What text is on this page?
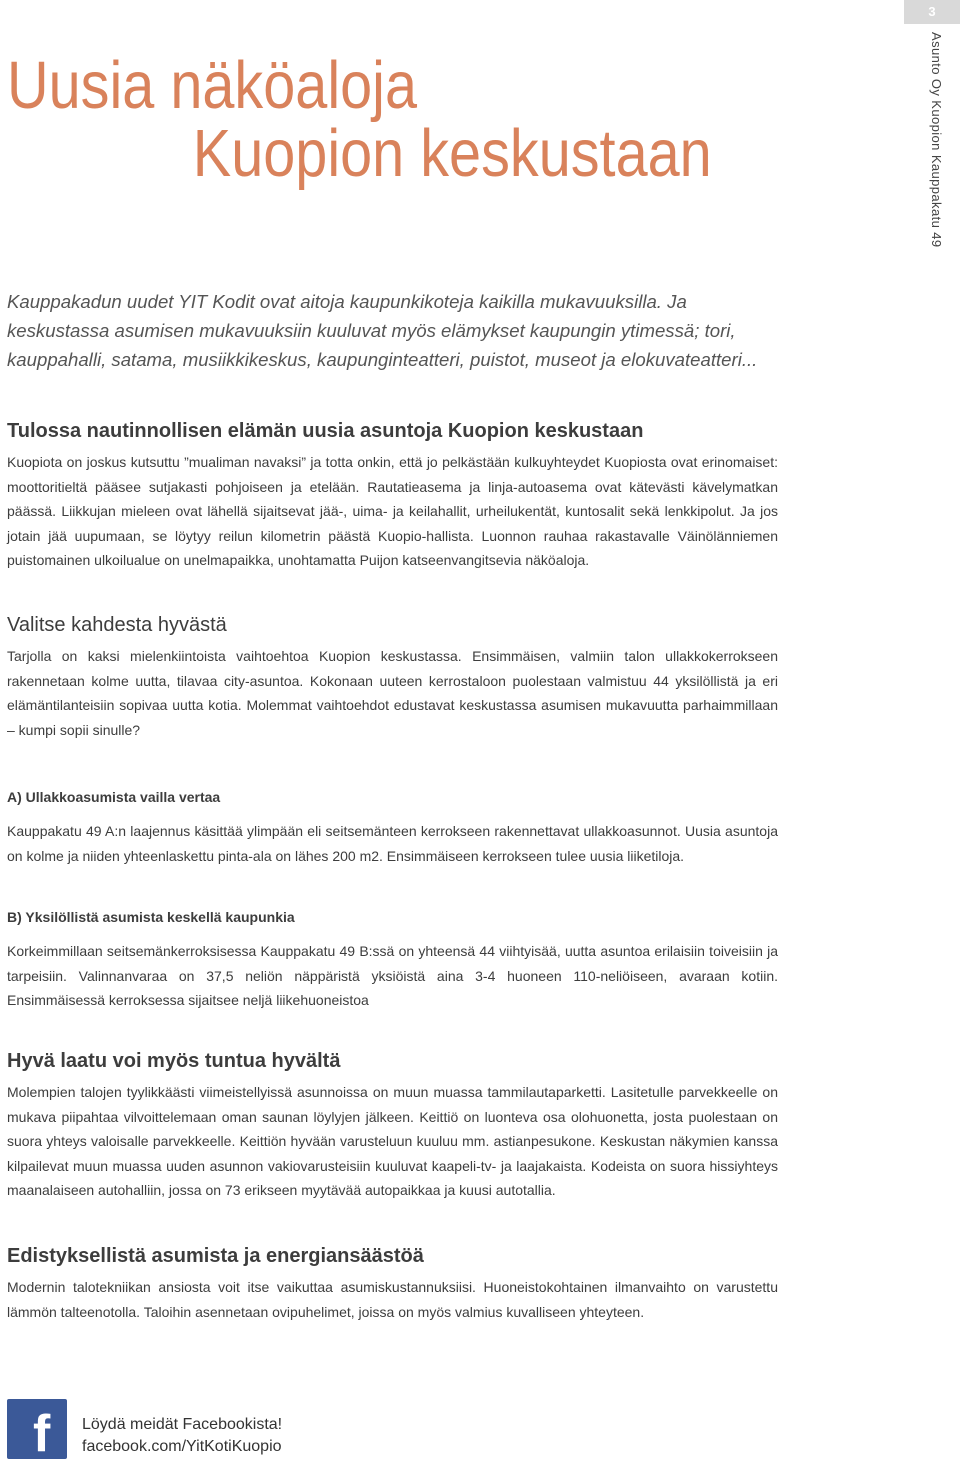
3
Asunto Oy Kuopion Kauppakatu 49
Uusia näköaloja
Kuopion keskustaan

Kauppakadun uudet YIT Kodit ovat aitoja kaupunkikoteja kaikilla mukavuuksilla. Ja keskustassa asumisen mukavuuksiin kuuluvat myös elämykset kaupungin ytimessä; tori, kauppahalli, satama, musiikkikeskus, kaupunginteatteri, puistot, museot ja elokuvateatteri...

Tulossa nautinnollisen elämän uusia asuntoja Kuopion keskustaan

Kuopiota on joskus kutsuttu ”mualiman navaksi” ja totta onkin, että jo pelkästään kulkuyhteydet Kuopiosta ovat erinomaiset: moottoritieltä pääsee sutjakasti pohjoiseen ja etelään. Rautatieasema ja linja-autoasema ovat kätevästi kävelymatkan päässä. Liikkujan mieleen ovat lähellä sijaitsevat jää-, uima- ja keilahallit, urheilukentät, kuntosalit sekä lenkkipolut. Ja jos jotain jää uupumaan, se löytyy reilun kilometrin päästä Kuopio-hallista. Luonnon rauhaa rakastavalle Väinölänniemen puistomainen ulkoilualue on unelmapaikka, unohtamatta Puijon katseenvangitsevia näköaloja.

Valitse kahdesta hyvästä

Tarjolla on kaksi mielenkiintoista vaihtoehtoa Kuopion keskustassa. Ensimmäisen, valmiin talon ullakkokerrokseen rakennetaan kolme uutta, tilavaa city-asuntoa. Kokonaan uuteen kerrostaloon puolestaan valmistuu 44 yksilöllistä ja eri elämäntilanteisiin sopivaa uutta kotia. Molemmat vaihtoehdot edustavat keskustassa asumisen mukavuutta parhaimmillaan – kumpi sopii sinulle?

A) Ullakkoasumista vailla vertaa

Kauppakatu 49 A:n laajennus käsittää ylimpään eli seitsemänteen kerrokseen rakennettavat ullakkoasunnot. Uusia asuntoja on kolme ja niiden yhteenlaskettu pinta-ala on lähes 200 m2. Ensimmäiseen kerrokseen tulee uusia liiketiloja.

B) Yksilöllistä asumista keskellä kaupunkia

Korkeimmillaan seitsemänkerroksisessa Kauppakatu 49 B:ssä on yhteensä 44 viihtyisää, uutta asuntoa erilaisiin toiveisiin ja tarpeisiin. Valinnanvaraa on 37,5 neliön näppäristä yksiöistä aina 3-4 huoneen 110-neliöiseen, avaraan kotiin. Ensimmäisessä kerroksessa sijaitsee neljä liikehuoneistoa

Hyvä laatu voi myös tuntua hyvältä

Molempien talojen tyylikkäästi viimeistellyissä asunnoissa on muun muassa tammilautaparketti. Lasitetulle parvekkeelle on mukava piipahtaa vilvoittelemaan oman saunan löylyjen jälkeen. Keittiö on luonteva osa olohuonetta, josta puolestaan on suora yhteys valoisalle parvekkeelle. Keittiön hyvään varusteluun kuuluu mm. astianpesukone. Keskustan näkymien kanssa kilpailevat muun muassa uuden asunnon vakiovarusteisiin kuuluvat kaapeli-tv- ja laajakaista. Kodeista on suora hissiyhteys maanalaiseen autohalliin, jossa on 73 erikseen myytävää autopaikkaa ja kuusi autotallia.

Edistyksellistä asumista ja energiansäästöä

Modernin talotekniikan ansiosta voit itse vaikuttaa asumiskustannuksiisi. Huoneistokohtainen ilmanvaihto on varustettu lämmön talteenotolla. Taloihin asennetaan ovipuhelimet, joissa on myös valmius kuvalliseen yhteyteen.

f Löydä meidät Facebookista!
facebook.com/YitKotiKuopio
